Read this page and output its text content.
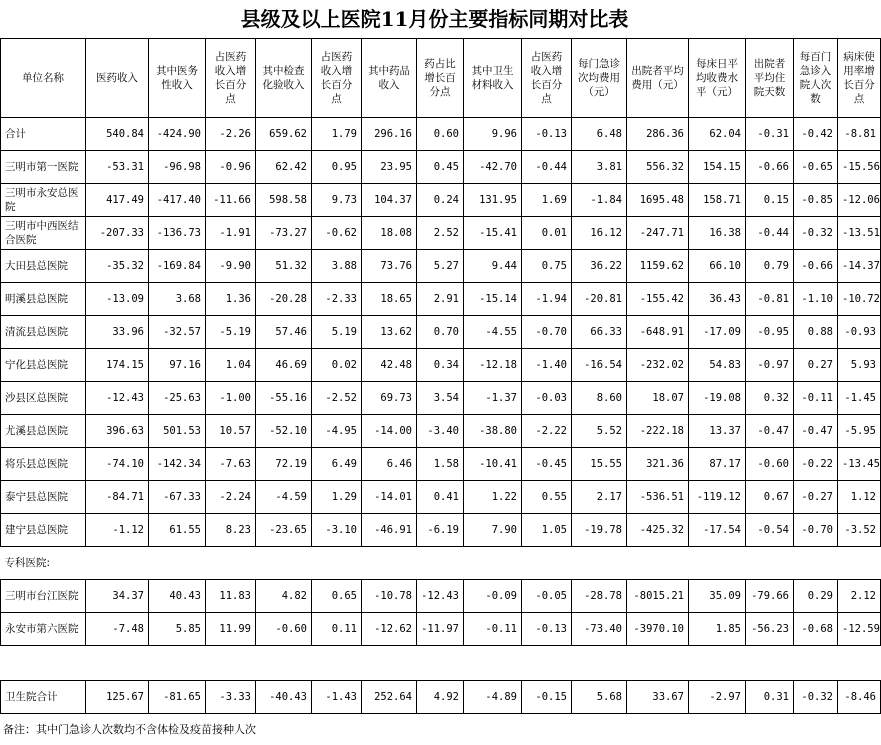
县级及以上医院11月份主要指标同期对比表
单位名称	医药收入	其中医务性收入	占医药收入增长百分点	其中检查化验收入	占医药收入增长百分点	其中药品收入	药占比增长百分点	其中卫生材料收入	占医药收入增长百分点	每门急诊次均费用（元）	出院者平均费用（元）	每床日平均收费水平（元）	出院者平均住院天数	每百门急诊入院人次数	病床使用率增长百分点
合计	540.84	-424.90	-2.26	659.62	1.79	296.16	0.60	9.96	-0.13	6.48	286.36	62.04	-0.31	-0.42	-8.81
三明市第一医院	-53.31	-96.98	-0.96	62.42	0.95	23.95	0.45	-42.70	-0.44	3.81	556.32	154.15	-0.66	-0.65	-15.56
三明市永安总医院	417.49	-417.40	-11.66	598.58	9.73	104.37	0.24	131.95	1.69	-1.84	1695.48	158.71	0.15	-0.85	-12.06
三明市中西医结合医院	-207.33	-136.73	-1.91	-73.27	-0.62	18.08	2.52	-15.41	0.01	16.12	-247.71	16.38	-0.44	-0.32	-13.51
大田县总医院	-35.32	-169.84	-9.90	51.32	3.88	73.76	5.27	9.44	0.75	36.22	1159.62	66.10	0.79	-0.66	-14.37
明溪县总医院	-13.09	3.68	1.36	-20.28	-2.33	18.65	2.91	-15.14	-1.94	-20.81	-155.42	36.43	-0.81	-1.10	-10.72
清流县总医院	33.96	-32.57	-5.19	57.46	5.19	13.62	0.70	-4.55	-0.70	66.33	-648.91	-17.09	-0.95	0.88	-0.93
宁化县总医院	174.15	97.16	1.04	46.69	0.02	42.48	0.34	-12.18	-1.40	-16.54	-232.02	54.83	-0.97	0.27	5.93
沙县区总医院	-12.43	-25.63	-1.00	-55.16	-2.52	69.73	3.54	-1.37	-0.03	8.60	18.07	-19.08	0.32	-0.11	-1.45
尤溪县总医院	396.63	501.53	10.57	-52.10	-4.95	-14.00	-3.40	-38.80	-2.22	5.52	-222.18	13.37	-0.47	-0.47	-5.95
将乐县总医院	-74.10	-142.34	-7.63	72.19	6.49	6.46	1.58	-10.41	-0.45	15.55	321.36	87.17	-0.60	-0.22	-13.45
泰宁县总医院	-84.71	-67.33	-2.24	-4.59	1.29	-14.01	0.41	1.22	0.55	2.17	-536.51	-119.12	0.67	-0.27	1.12
建宁县总医院	-1.12	61.55	8.23	-23.65	-3.10	-46.91	-6.19	7.90	1.05	-19.78	-425.32	-17.54	-0.54	-0.70	-3.52
专科医院:															
三明市台江医院	34.37	40.43	11.83	4.82	0.65	-10.78	-12.43	-0.09	-0.05	-28.78	-8015.21	35.09	-79.66	0.29	2.12
永安市第六医院	-7.48	5.85	11.99	-0.60	0.11	-12.62	-11.97	-0.11	-0.13	-73.40	-3970.10	1.85	-56.23	-0.68	-12.59

卫生院合计	125.67	-81.65	-3.33	-40.43	-1.43	252.64	4.92	-4.89	-0.15	5.68	33.67	-2.97	0.31	-0.32	-8.46
备注：其中门急诊人次数均不含体检及疫苗接种人次
